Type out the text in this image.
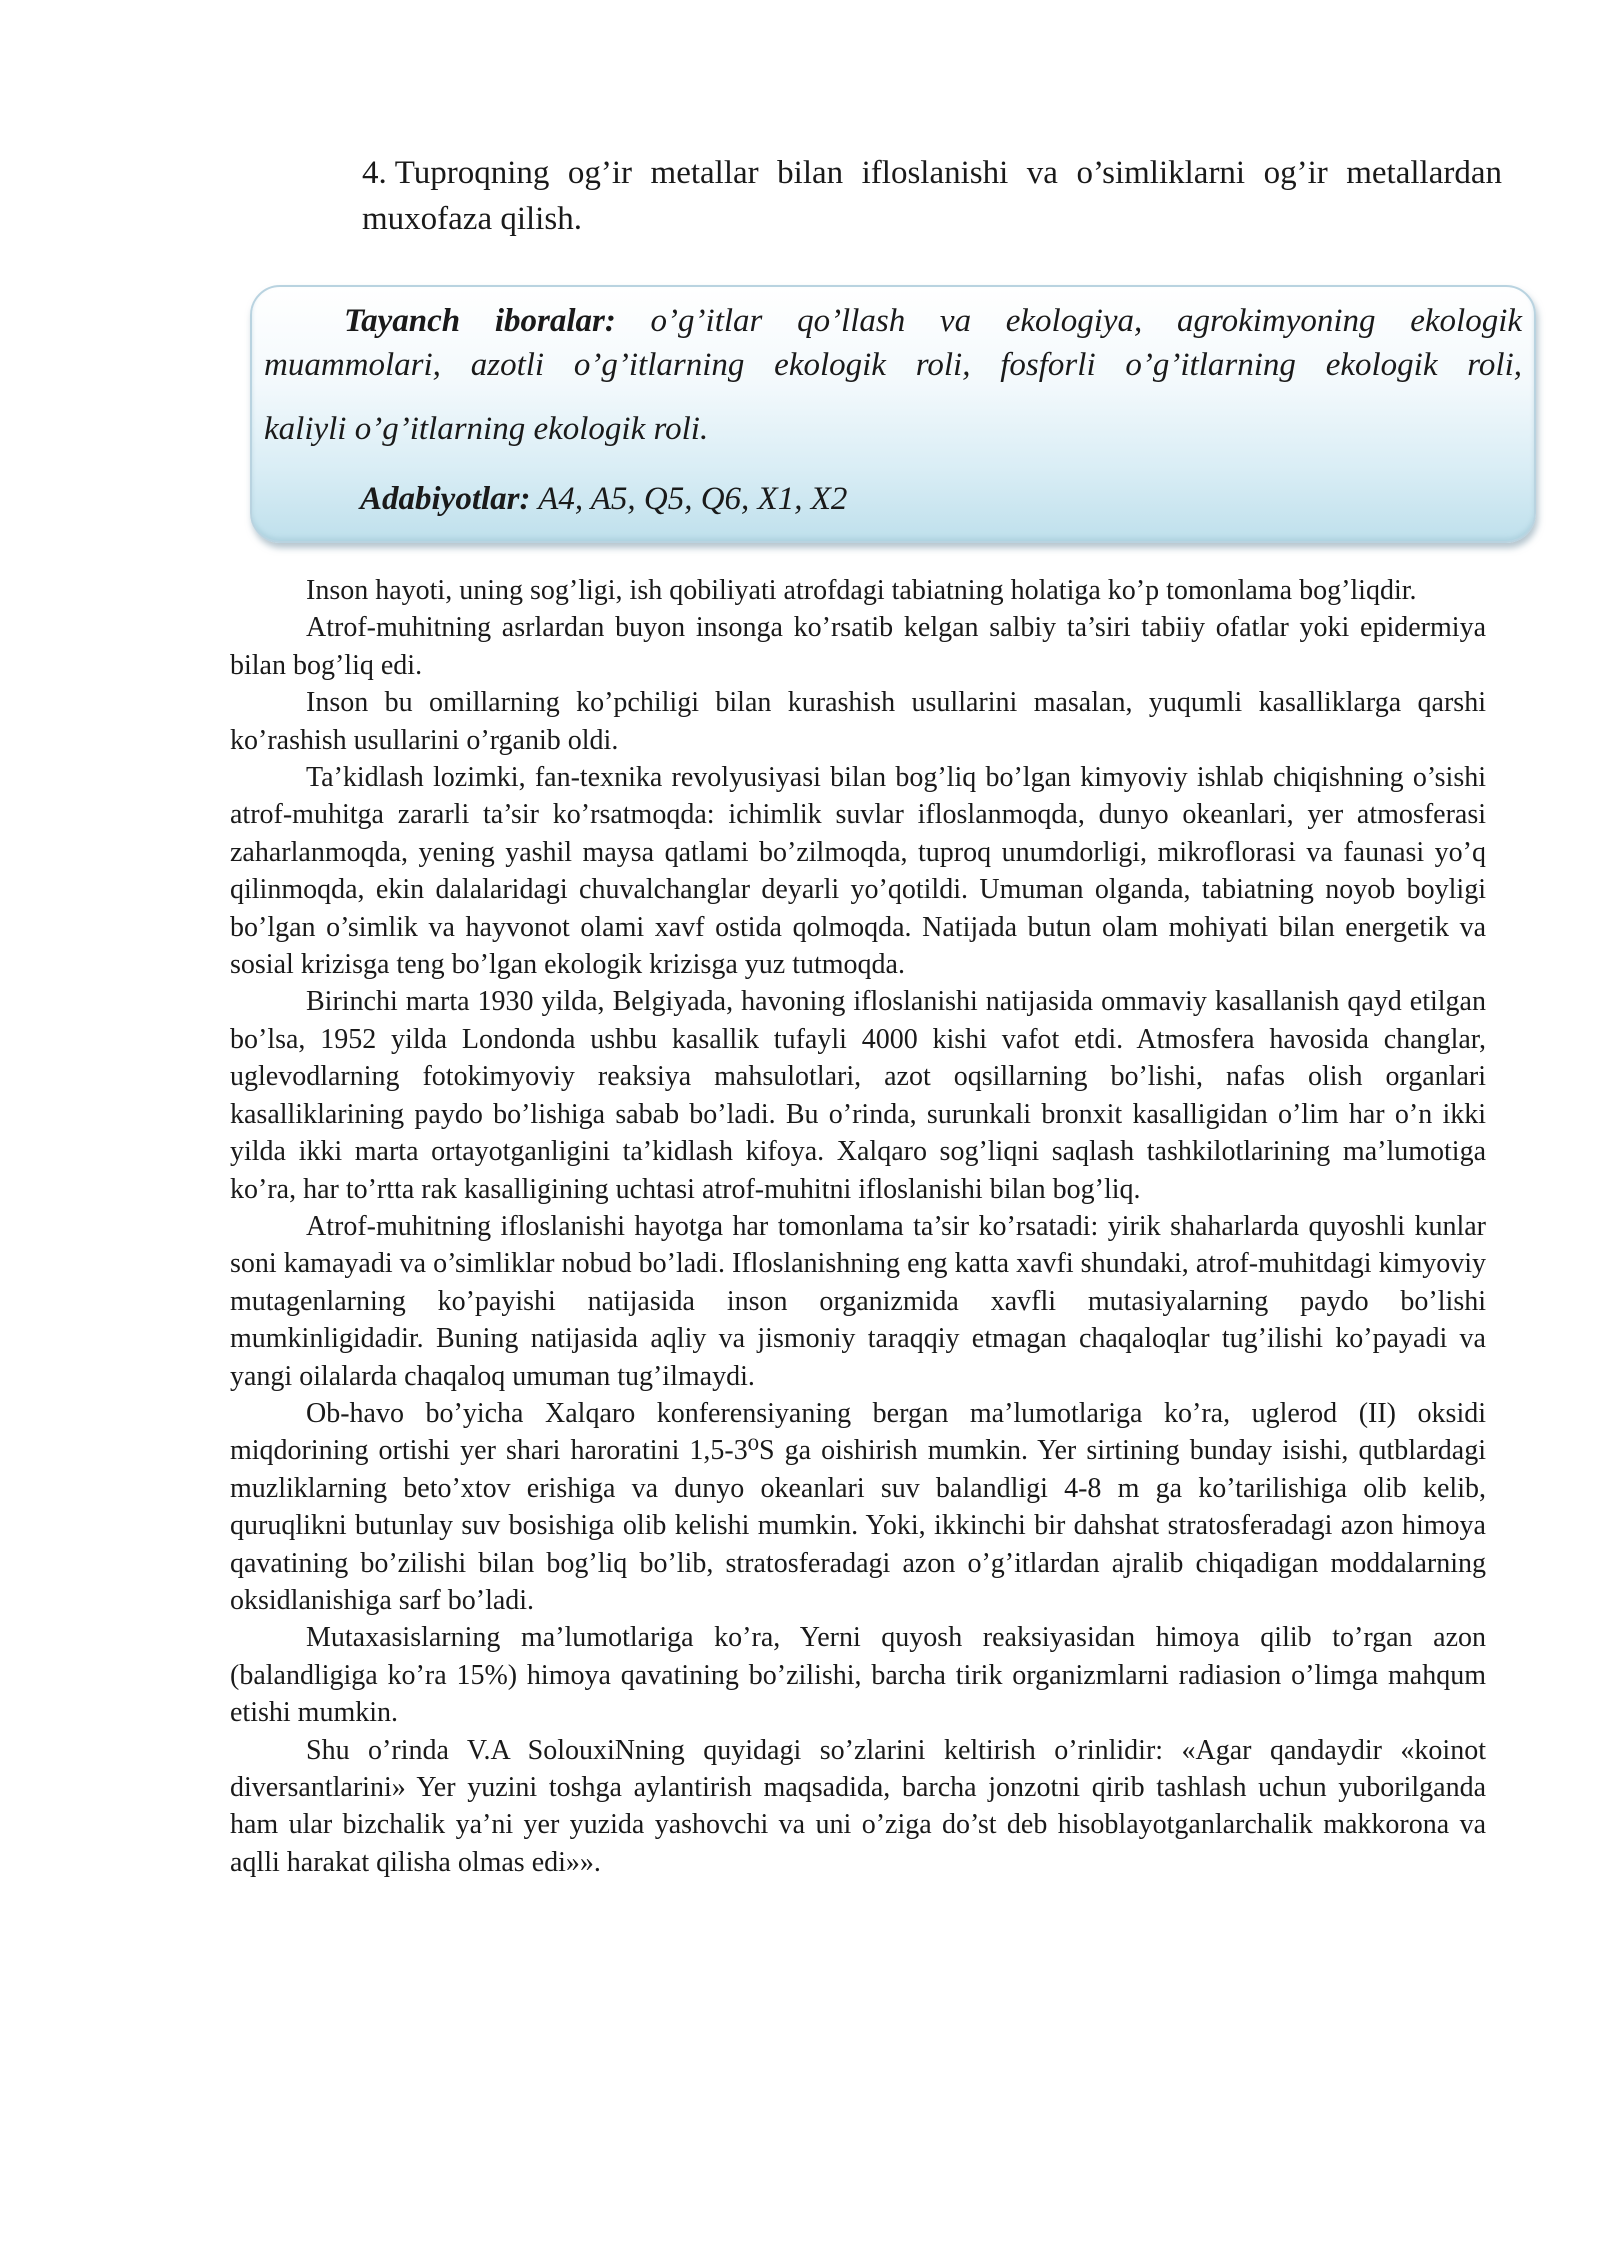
4. Tuproqning og’ir metallar bilan ifloslanishi va o’simliklarni og’ir metallardan muxofaza qilish.
Tayanch iboralar: o’g’itlar qo’llash va ekologiya, agrokimyoning ekologik muammolari, azotli o’g’itlarning ekologik roli, fosforli o’g’itlarning ekologik roli,
kaliyli o’g’itlarning ekologik roli.
Adabiyotlar: A4, A5, Q5, Q6, X1, X2

Inson hayoti, uning sog’ligi, ish qobiliyati atrofdagi tabiatning holatiga ko’p tomonlama bog’liqdir.

Atrof-muhitning asrlardan buyon insonga ko’rsatib kelgan salbiy ta’siri tabiiy ofatlar yoki epidermiya bilan bog’liq edi.

Inson bu omillarning ko’pchiligi bilan kurashish usullarini masalan, yuqumli kasalliklarga qarshi ko’rashish usullarini o’rganib oldi.

Ta’kidlash lozimki, fan-texnika revolyusiyasi bilan bog’liq bo’lgan kimyoviy ishlab chiqishning o’sishi atrof-muhitga zararli ta’sir ko’rsatmoqda: ichimlik suvlar ifloslanmoqda, dunyo okeanlari, yer atmosferasi zaharlanmoqda, yening yashil maysa qatlami bo’zilmoqda, tuproq unumdorligi, mikroflorasi va faunasi yo’q qilinmoqda, ekin dalalaridagi chuvalchanglar deyarli yo’qotildi. Umuman olganda, tabiatning noyob boyligi bo’lgan o’simlik va hayvonot olami xavf ostida qolmoqda. Natijada butun olam mohiyati bilan energetik va sosial krizisga teng bo’lgan ekologik krizisga yuz tutmoqda.

Birinchi marta 1930 yilda, Belgiyada, havoning ifloslanishi natijasida ommaviy kasallanish qayd etilgan bo’lsa, 1952 yilda Londonda ushbu kasallik tufayli 4000 kishi vafot etdi. Atmosfera havosida changlar, uglevodlarning fotokimyoviy reaksiya mahsulotlari, azot oqsillarning bo’lishi, nafas olish organlari kasalliklarining paydo bo’lishiga sabab bo’ladi. Bu o’rinda, surunkali bronxit kasalligidan o’lim har o’n ikki yilda ikki marta ortayotganligini ta’kidlash kifoya. Xalqaro sog’liqni saqlash tashkilotlarining ma’lumotiga ko’ra, har to’rtta rak kasalligining uchtasi atrof-muhitni ifloslanishi bilan bog’liq.

Atrof-muhitning ifloslanishi hayotga har tomonlama ta’sir ko’rsatadi: yirik shaharlarda quyoshli kunlar soni kamayadi va o’simliklar nobud bo’ladi. Ifloslanishning eng katta xavfi shundaki, atrof-muhitdagi kimyoviy mutagenlarning ko’payishi natijasida inson organizmida xavfli mutasiyalarning paydo bo’lishi mumkinligidadir. Buning natijasida aqliy va jismoniy taraqqiy etmagan chaqaloqlar tug’ilishi ko’payadi va yangi oilalarda chaqaloq umuman tug’ilmaydi.

Ob-havo bo’yicha Xalqaro konferensiyaning bergan ma’lumotlariga ko’ra, uglerod (II) oksidi miqdorining ortishi yer shari haroratini 1,5-3⁰S ga oishirish mumkin. Yer sirtining bunday isishi, qutblardagi muzliklarning beto’xtov erishiga va dunyo okeanlari suv balandligi 4-8 m ga ko’tarilishiga olib kelib, quruqlikni butunlay suv bosishiga olib kelishi mumkin. Yoki, ikkinchi bir dahshat stratosferadagi azon himoya qavatining bo’zilishi bilan bog’liq bo’lib, stratosferadagi azon o’g’itlardan ajralib chiqadigan moddalarning oksidlanishiga sarf bo’ladi.

Mutaxasislarning ma’lumotlariga ko’ra, Yerni quyosh reaksiyasidan himoya qilib to’rgan azon (balandligiga ko’ra 15%) himoya qavatining bo’zilishi, barcha tirik organizmlarni radiasion o’limga mahqum etishi mumkin.

Shu o’rinda V.A SolouxiNning quyidagi so’zlarini keltirish o’rinlidir: «Agar qandaydir «koinot diversantlarini» Yer yuzini toshga aylantirish maqsadida, barcha jonzotni qirib tashlash uchun yuborilganda ham ular bizchalik ya’ni yer yuzida yashovchi va uni o’ziga do’st deb hisoblayotganlarchalik makkorona va aqlli harakat qilisha olmas edi»».
